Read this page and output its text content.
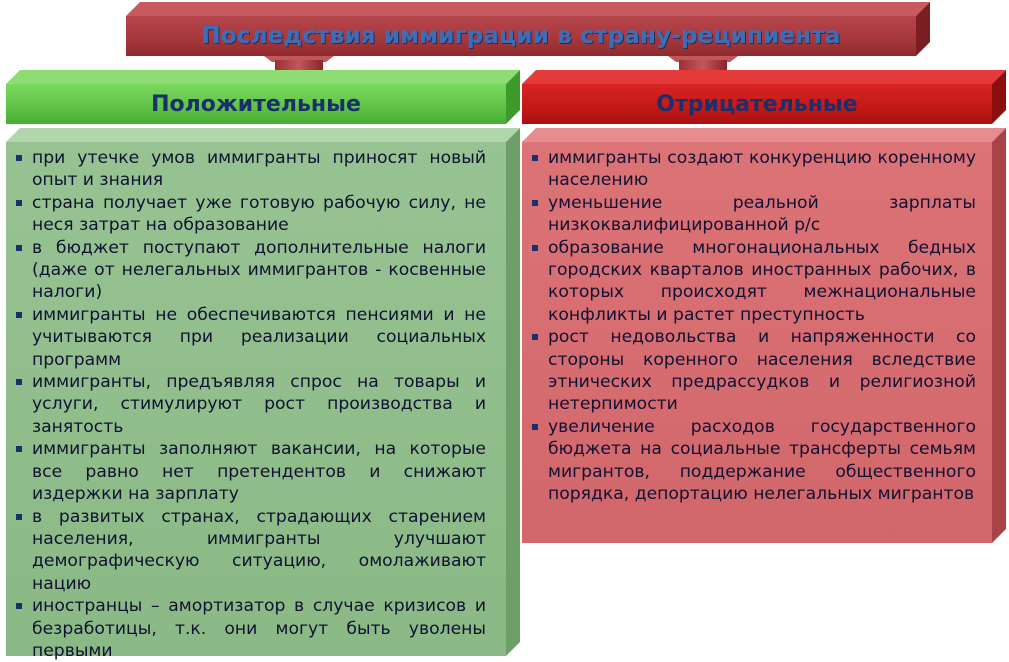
Последствия иммиграции в страну-реципиента
Положительные
при утечке умов иммигранты приносят новый опыт и знания
страна получает уже готовую рабочую силу, не неся затрат на образование
в бюджет поступают дополнительные налоги (даже от нелегальных иммигрантов - косвенные налоги)
иммигранты не обеспечиваются пенсиями и не учитываются при реализации социальных программ
иммигранты, предъявляя спрос на товары и услуги, стимулируют рост производства и занятость
иммигранты заполняют вакансии, на которые все равно нет претендентов и снижают издержки на зарплату
в развитых странах, страдающих старением населения, иммигранты улучшают демографическую ситуацию, омолаживают нацию
иностранцы – амортизатор в случае кризисов и безработицы, т.к. они могут быть уволены первыми
Отрицательные
иммигранты создают конкуренцию коренному населению
уменьшение реальной зарплаты низкоквалифицированной р/с
образование многонациональных бедных городских кварталов иностранных рабочих, в которых происходят межнациональные конфликты и растет преступность
рост недовольства и напряженности со стороны коренного населения вследствие этнических предрассудков и религиозной нетерпимости
увеличение расходов государственного бюджета на социальные трансферты семьям мигрантов, поддержание общественного порядка, депортацию нелегальных мигрантов
